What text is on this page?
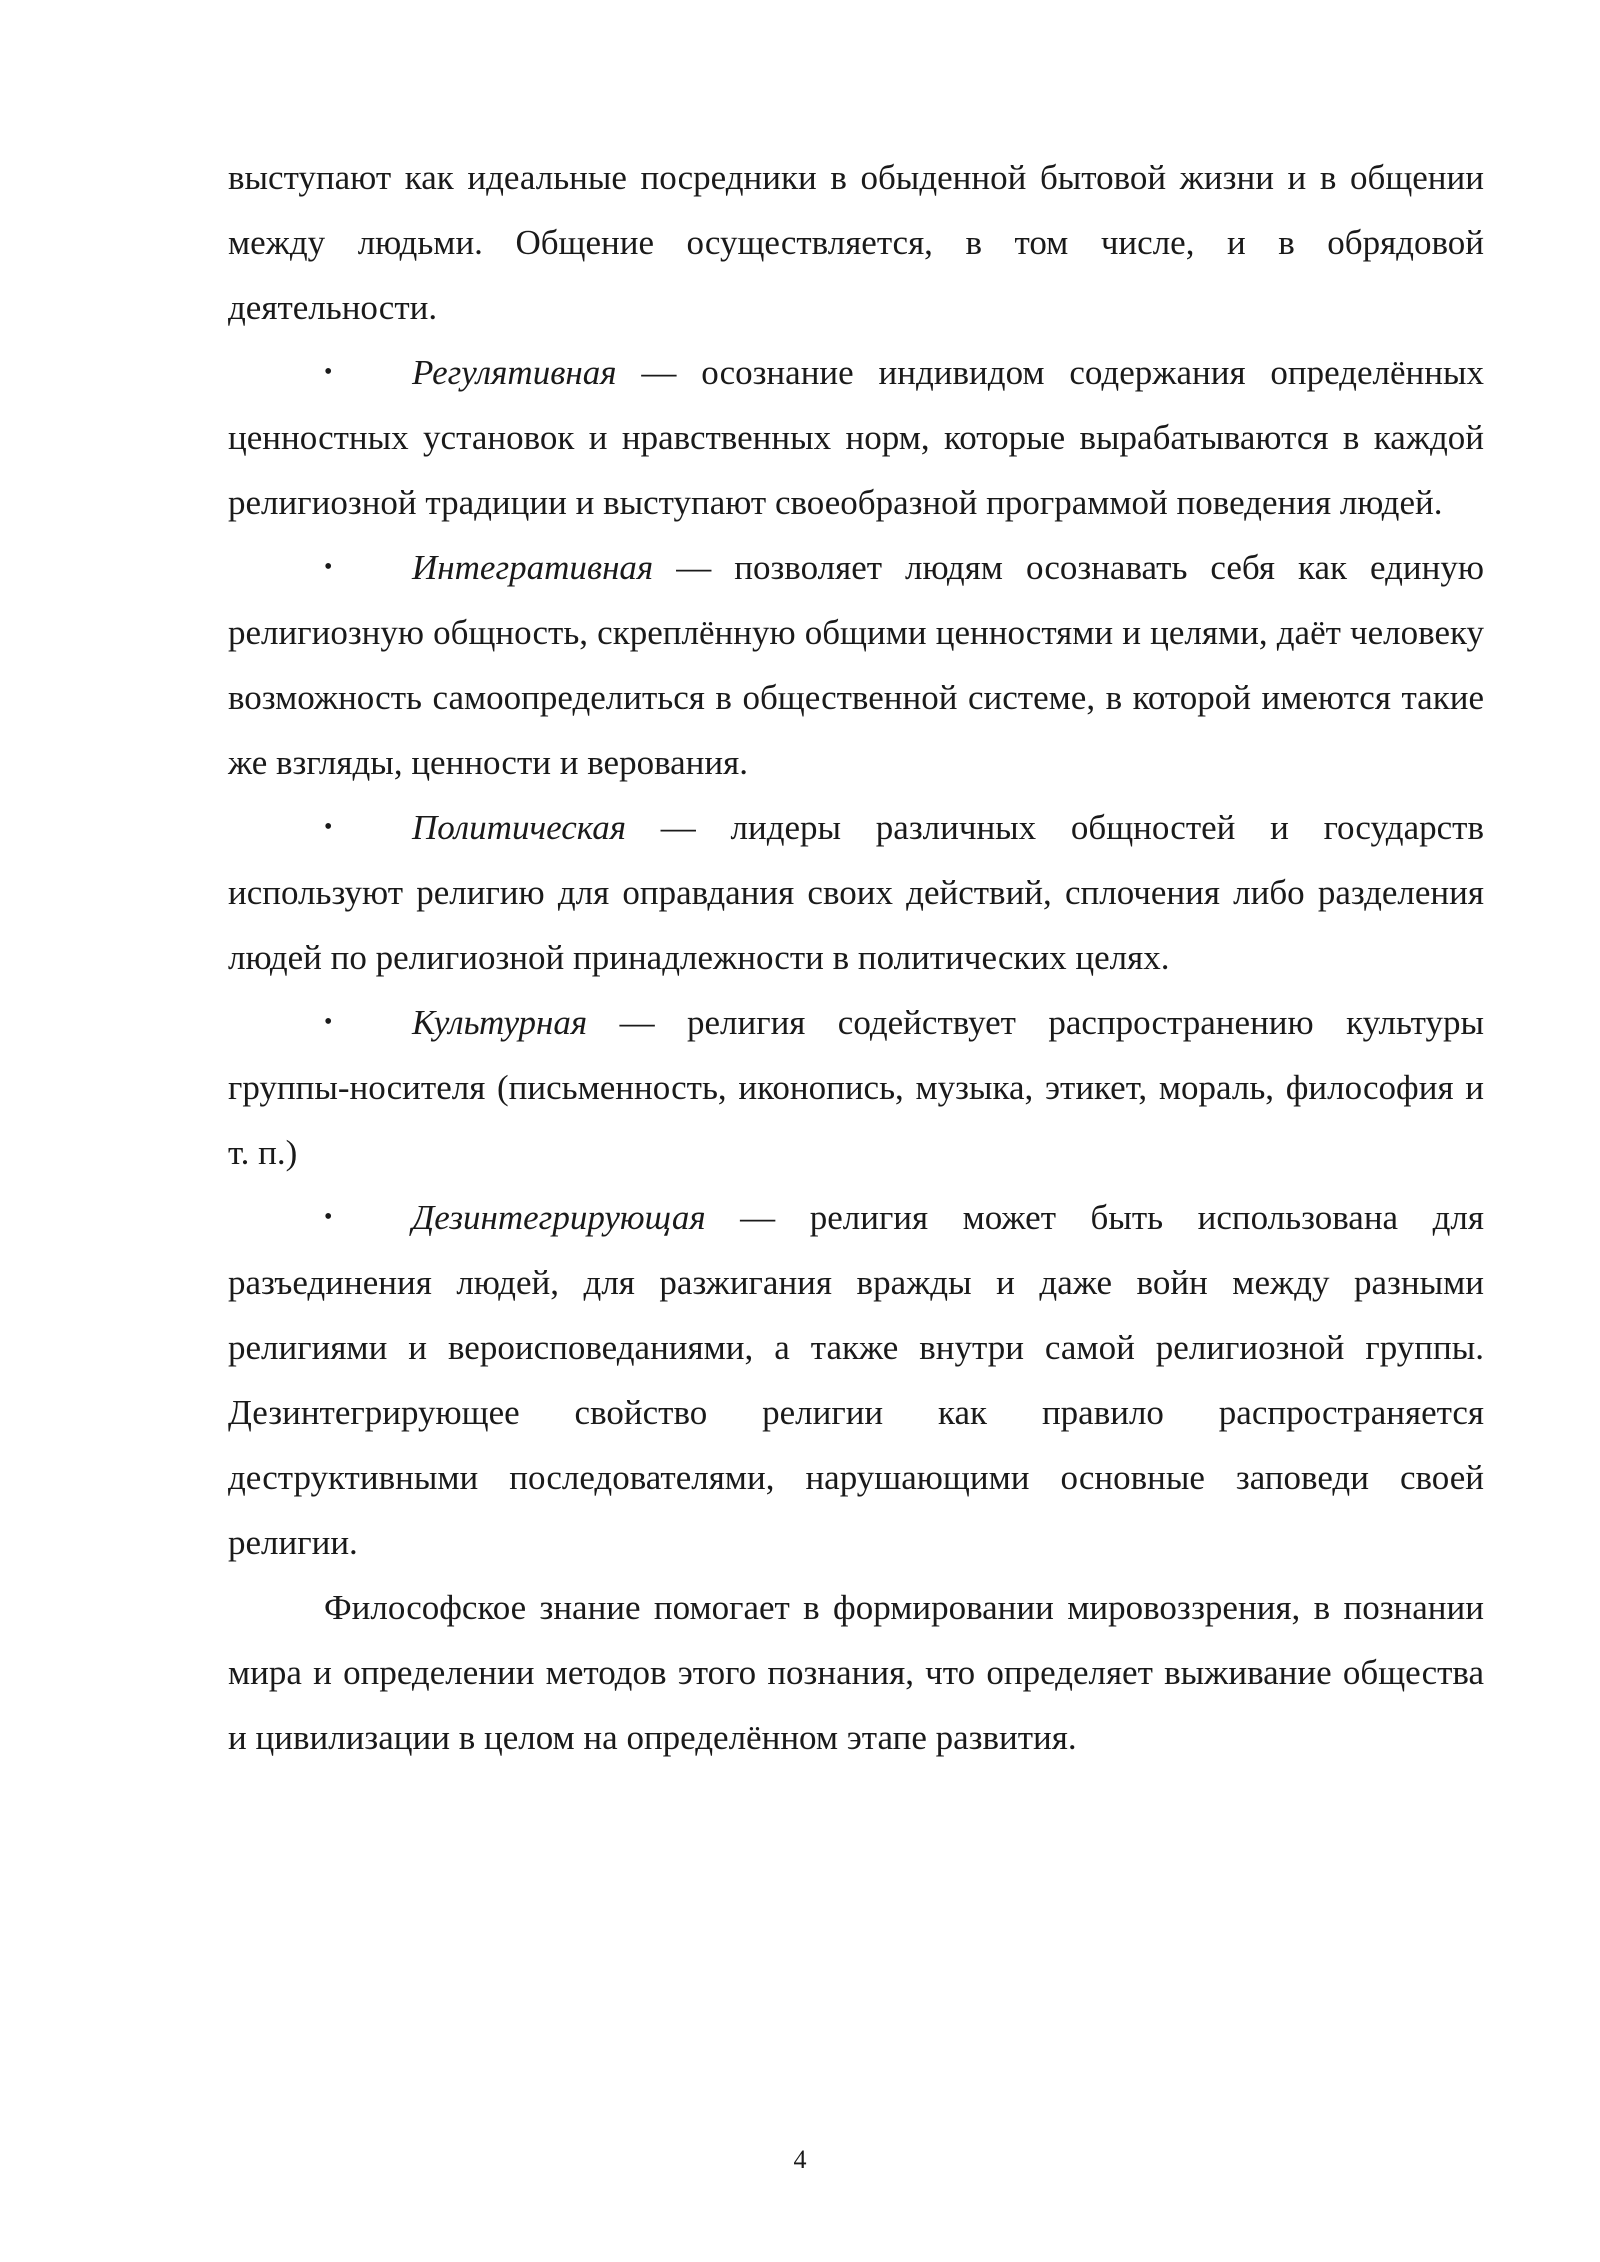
выступают как идеальные посредники в обыденной бытовой жизни и в общении между людьми. Общение осуществляется, в том числе, и в обрядовой деятельности.

• Регулятивная — осознание индивидом содержания определённых ценностных установок и нравственных норм, которые вырабатываются в каждой религиозной традиции и выступают своеобразной программой поведения людей.

• Интегративная — позволяет людям осознавать себя как единую религиозную общность, скреплённую общими ценностями и целями, даёт человеку возможность самоопределиться в общественной системе, в которой имеются такие же взгляды, ценности и верования.

• Политическая — лидеры различных общностей и государств используют религию для оправдания своих действий, сплочения либо разделения людей по религиозной принадлежности в политических целях.

• Культурная — религия содействует распространению культуры группы-носителя (письменность, иконопись, музыка, этикет, мораль, философия и т. п.)

• Дезинтегрирующая — религия может быть использована для разъединения людей, для разжигания вражды и даже войн между разными религиями и вероисповеданиями, а также внутри самой религиозной группы. Дезинтегрирующее свойство религии как правило распространяется деструктивными последователями, нарушающими основные заповеди своей религии.

Философское знание помогает в формировании мировоззрения, в познании мира и определении методов этого познания, что определяет выживание общества и цивилизации в целом на определённом этапе развития.

4
